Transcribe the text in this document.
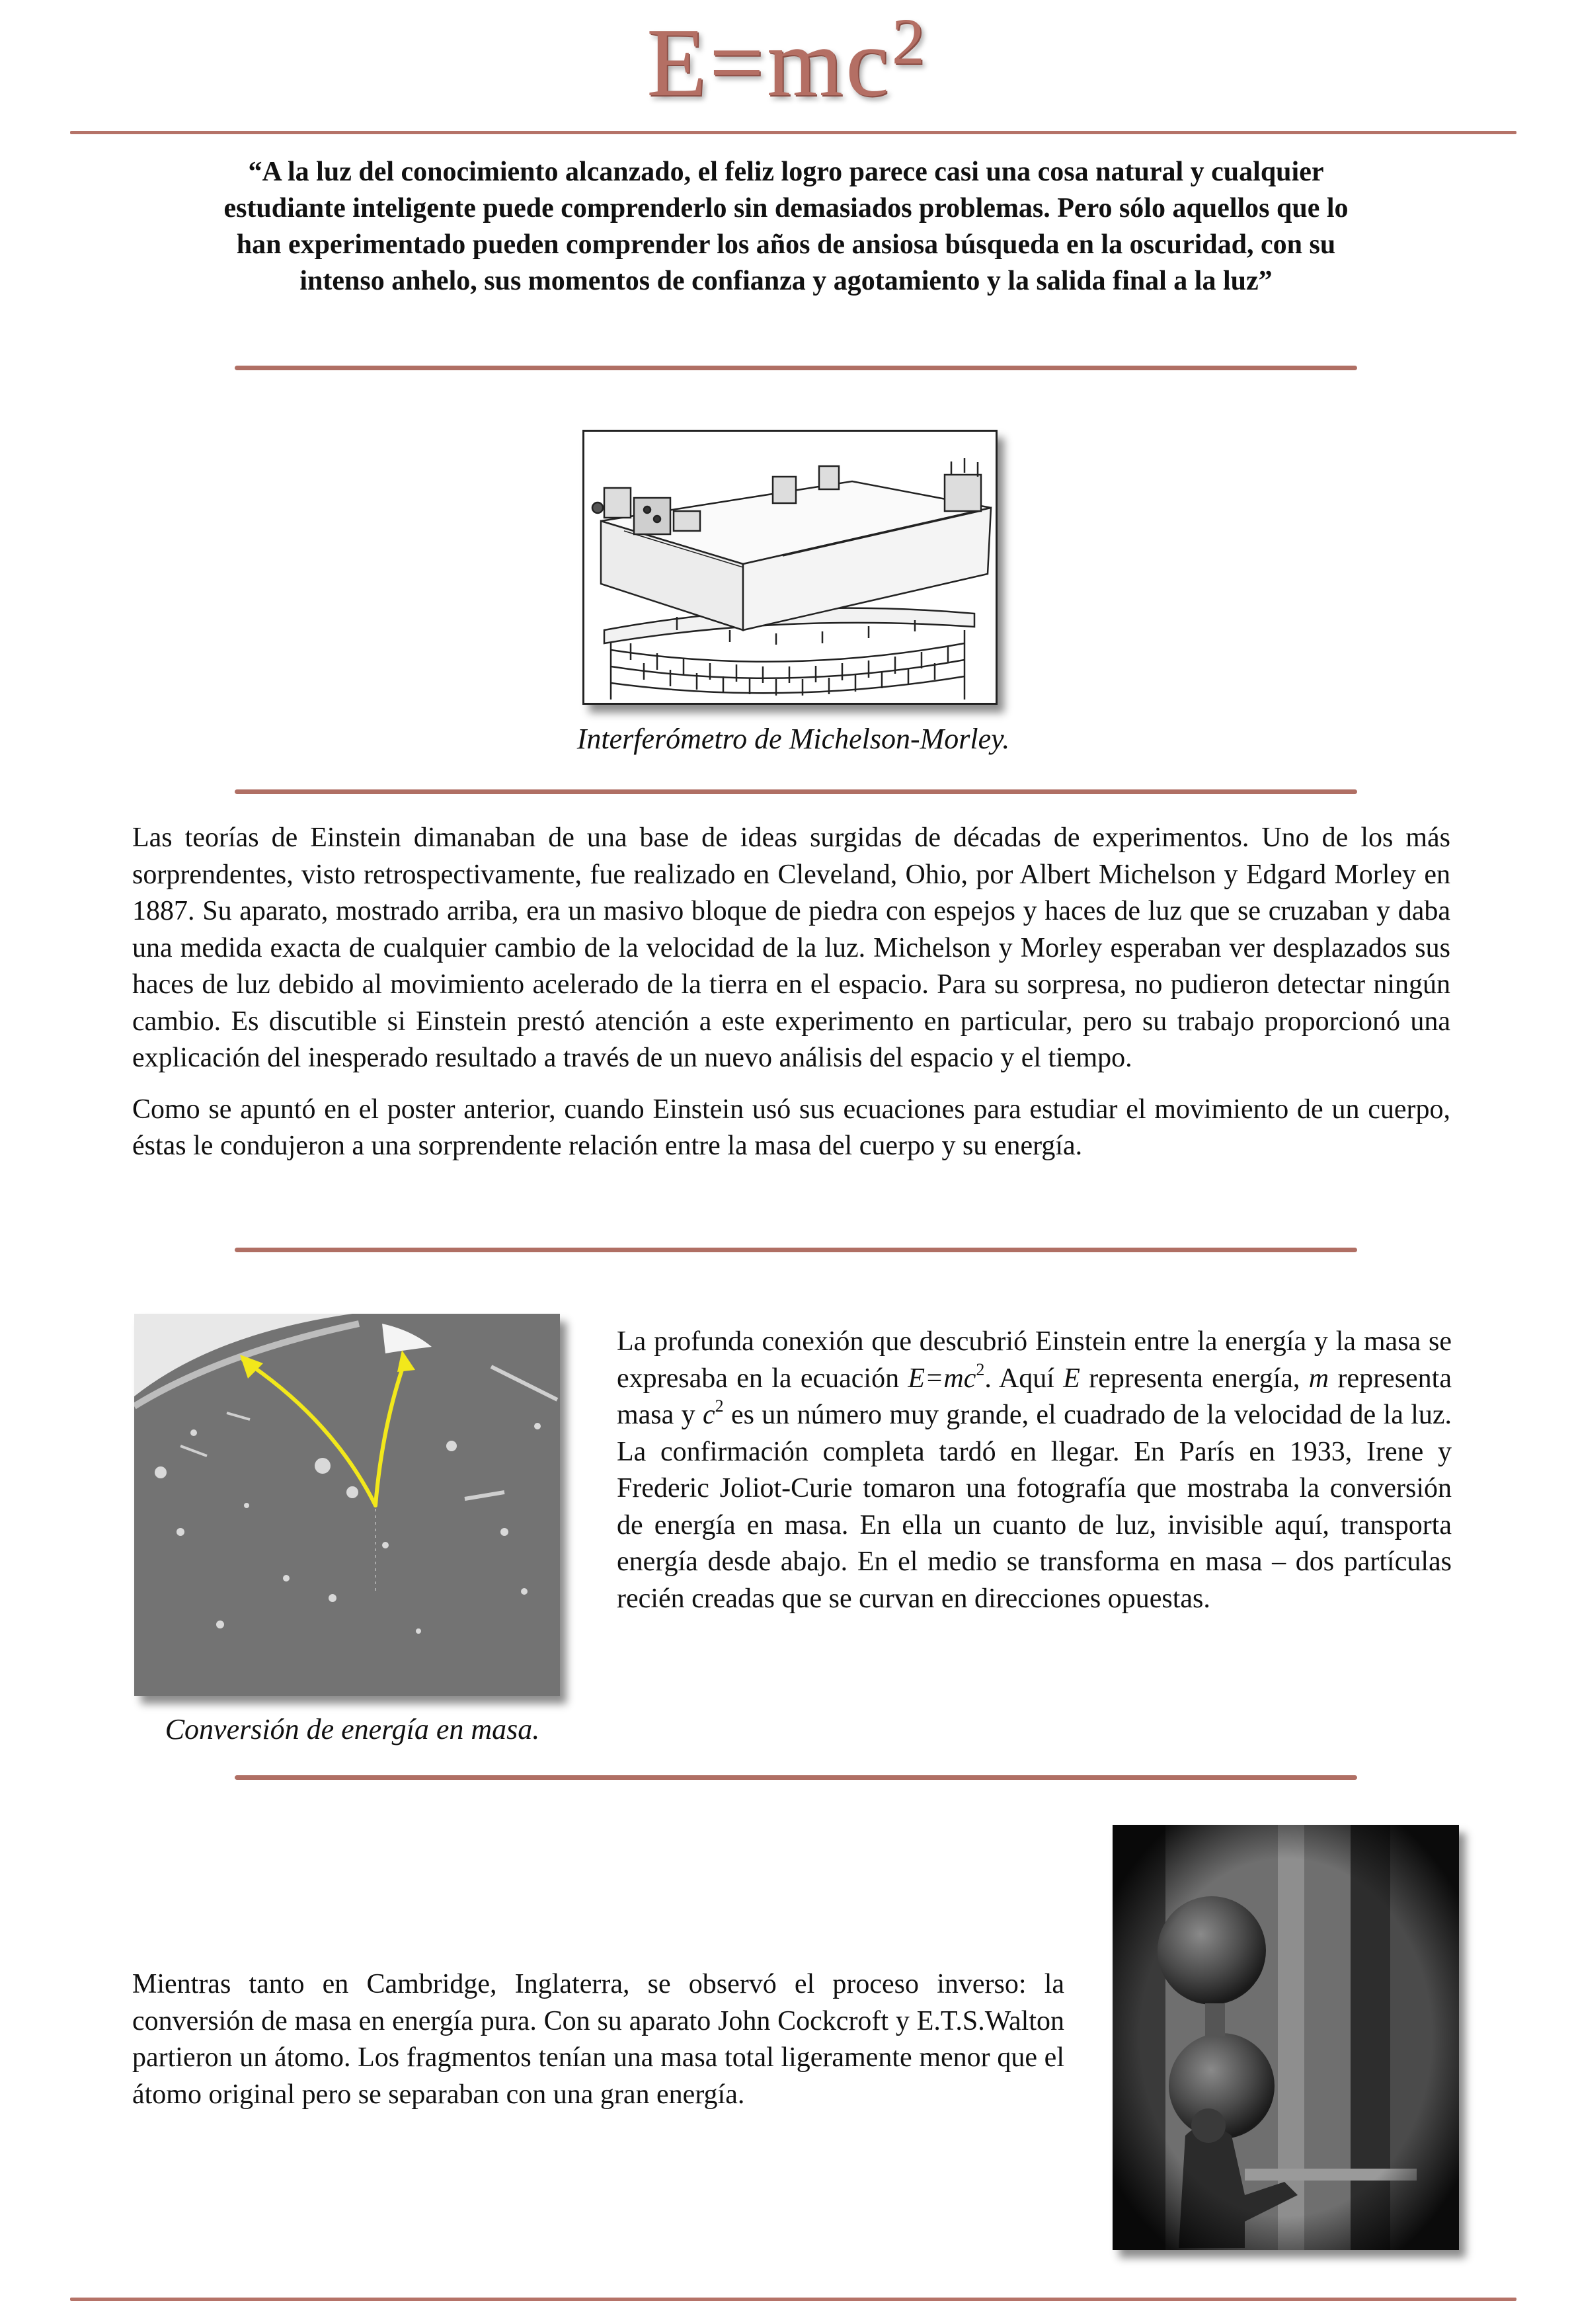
$E=mc^2$
“A la luz del conocimiento alcanzado, el feliz logro parece casi una cosa natural y cualquier estudiante inteligente puede comprenderlo sin demasiados problemas. Pero sólo aquellos que lo han experimentado pueden comprender los años de ansiosa búsqueda en la oscuridad, con su intenso anhelo, sus momentos de confianza y agotamiento y la salida final a la luz”
Interferómetro de Michelson-Morley.

Las teorías de Einstein dimanaban de una base de ideas surgidas de décadas de experimentos. Uno de los más sorprendentes, visto retrospectivamente, fue realizado en Cleveland, Ohio, por Albert Michelson y Edgard Morley en 1887. Su aparato, mostrado arriba, era un masivo bloque de piedra con espejos y haces de luz que se cruzaban y daba una medida exacta de cualquier cambio de la velocidad de la luz. Michelson y Morley esperaban ver desplazados sus haces de luz debido al movimiento acelerado de la tierra en el espacio. Para su sorpresa, no pudieron detectar ningún cambio. Es discutible si Einstein prestó atención a este experimento en particular, pero su trabajo proporcionó una explicación del inesperado resultado a través de un nuevo análisis del espacio y el tiempo.

Como se apuntó en el poster anterior, cuando Einstein usó sus ecuaciones para estudiar el movimiento de un cuerpo, éstas le condujeron a una sorprendente relación entre la masa del cuerpo y su energía.

Conversión de energía en masa.
La profunda conexión que descubrió Einstein entre la energía y la masa se expresaba en la ecuación $E=mc^2$. Aquí E representa energía, m representa masa y $c^2$ es un número muy grande, el cuadrado de la velocidad de la luz. La confirmación completa tardó en llegar. En París en 1933, Irene y Frederic Joliot-Curie tomaron una fotografía que mostraba la conversión de energía en masa. En ella un cuanto de luz, invisible aquí, transporta energía desde abajo. En el medio se transforma en masa – dos partículas recién creadas que se curvan en direcciones opuestas.
Mientras tanto en Cambridge, Inglaterra, se observó el proceso inverso: la conversión de masa en energía pura. Con su aparato John Cockcroft y E.T.S.Walton partieron un átomo. Los fragmentos tenían una masa total ligeramente menor que el átomo original pero se separaban con una gran energía.
